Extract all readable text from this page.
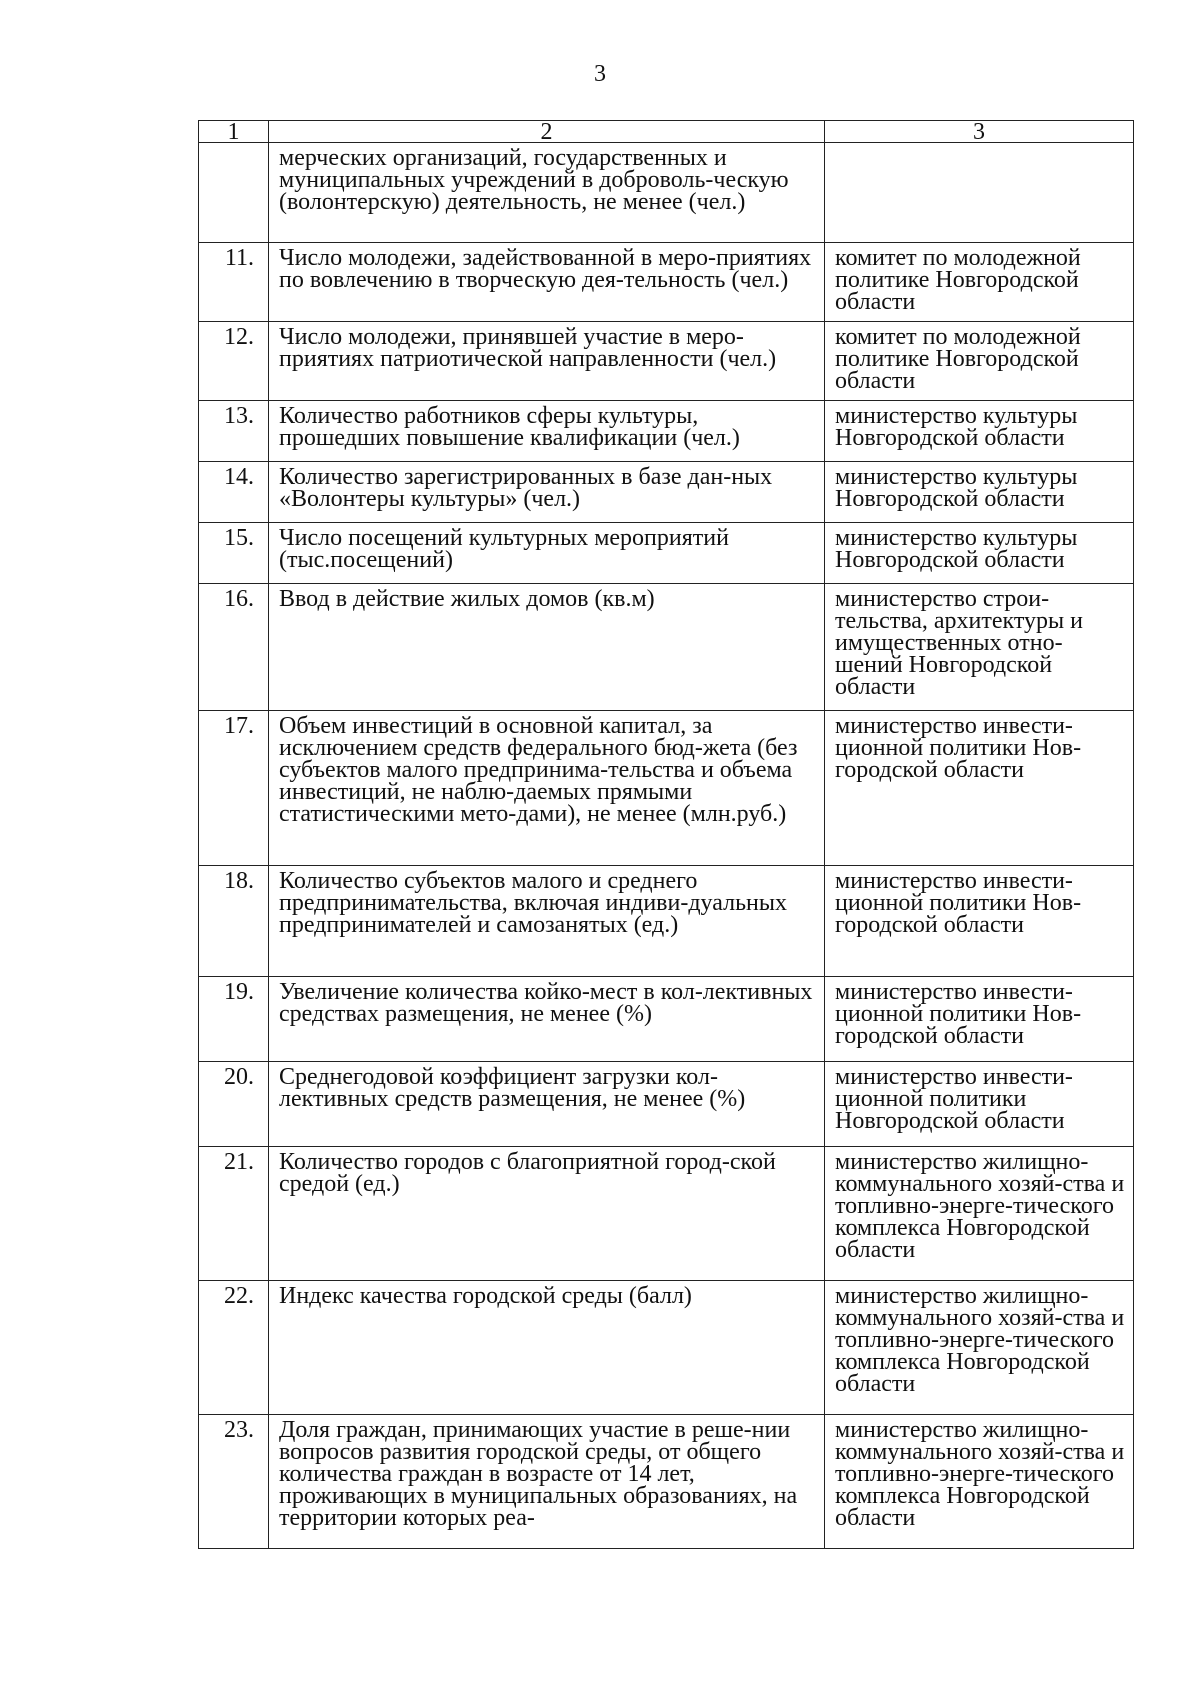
3
1	2	3
	мерческих организаций, государственных и муниципальных учреждений в доброволь-ческую (волонтерскую) деятельность, не менее (чел.)	
11.	Число молодежи, задействованной в меро-приятиях по вовлечению в творческую дея-тельность (чел.)	комитет по молодежной политике Новгородской области
12.	Число молодежи, принявшей участие в меро-приятиях патриотической направленности (чел.)	комитет по молодежной политике Новгородской области
13.	Количество работников сферы культуры, прошедших повышение квалификации (чел.)	министерство культуры Новгородской области
14.	Количество зарегистрированных в базе дан-ных «Волонтеры культуры» (чел.)	министерство культуры Новгородской области
15.	Число посещений культурных мероприятий (тыс.посещений)	министерство культуры Новгородской области
16.	Ввод в действие жилых домов (кв.м)	министерство строи-тельства, архитектуры и имущественных отно-шений Новгородской области
17.	Объем инвестиций в основной капитал, за исключением средств федерального бюд-жета (без субъектов малого предпринима-тельства и объема инвестиций, не наблю-даемых прямыми статистическими мето-дами), не менее (млн.руб.)	министерство инвести-ционной политики Нов-городской области
18.	Количество субъектов малого и среднего предпринимательства, включая индиви-дуальных предпринимателей и самозанятых (ед.)	министерство инвести-ционной политики Нов-городской области
19.	Увеличение количества койко-мест в кол-лективных средствах размещения, не менее (%)	министерство инвести-ционной политики Нов-городской области
20.	Среднегодовой коэффициент загрузки кол-лективных средств размещения, не менее (%)	министерство инвести-ционной политики Новгородской области
21.	Количество городов с благоприятной город-ской средой (ед.)	министерство жилищно-коммунального хозяй-ства и топливно-энерге-тического комплекса Новгородской области
22.	Индекс качества городской среды (балл)	министерство жилищно-коммунального хозяй-ства и топливно-энерге-тического комплекса Новгородской области
23.	Доля граждан, принимающих участие в реше-нии вопросов развития городской среды, от общего количества граждан в возрасте от 14 лет, проживающих в муниципальных образованиях, на территории которых реа-	министерство жилищно-коммунального хозяй-ства и топливно-энерге-тического комплекса Новгородской области
